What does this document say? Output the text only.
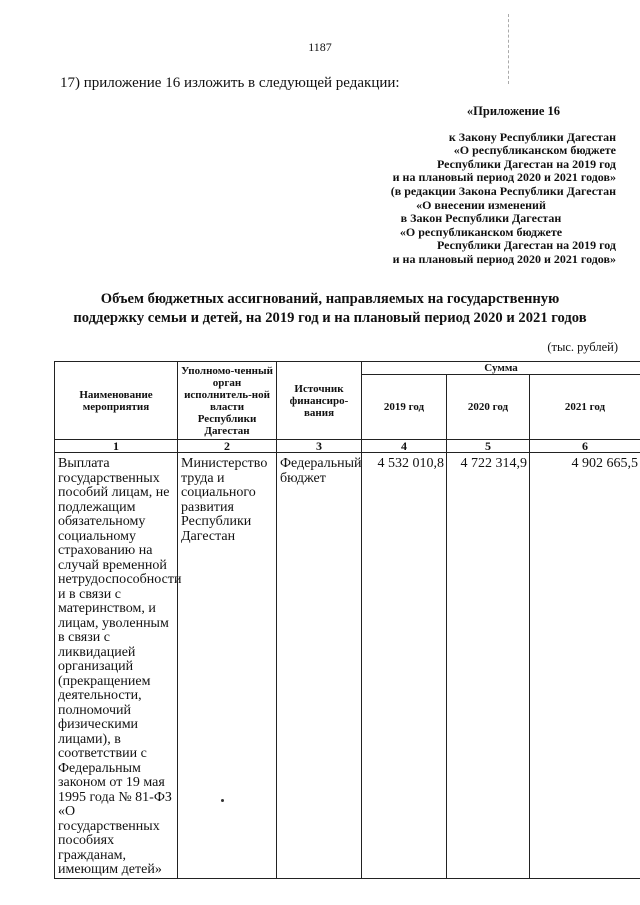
1187
17) приложение 16 изложить в следующей редакции:
«Приложение 16
к Закону Республики Дагестан
«О республиканском бюджете
Республики Дагестан на 2019 год
и на плановый период 2020 и 2021 годов»
(в редакции Закона Республики Дагестан
«О внесении изменений
в Закон Республики Дагестан
«О республиканском бюджете
Республики Дагестан на 2019 год
и на плановый период 2020 и 2021 годов»
Объем бюджетных ассигнований, направляемых на государственную
поддержку семьи и детей, на 2019 год и на плановый период 2020 и 2021 годов
(тыс. рублей)
Наименование мероприятия	Уполномо-ченный орган исполнитель-ной власти Республики Дагестан	Источник финансиро-вания	Сумма		
			2019 год	2020 год	2021 год
1	2	3	4	5	6
Выплата государственных пособий лицам, не подлежащим обязательному социальному страхованию на случай временной нетрудоспособности и в связи с материнством, и лицам, уволенным в связи с ликвидацией организаций (прекращением деятельности, полномочий физическими лицами), в соответствии с Федеральным законом от 19 мая 1995 года № 81-ФЗ «О государственных пособиях гражданам, имеющим детей»	Министерство труда и социального развития Республики Дагестан	Федеральный бюджет	4 532 010,8	4 722 314,9	4 902 665,5
